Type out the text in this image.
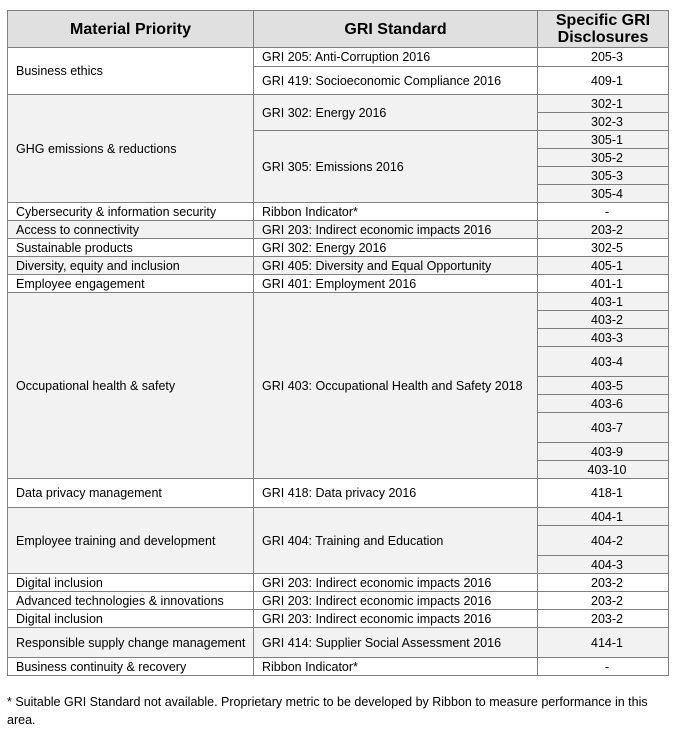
Material Priority	GRI Standard	Specific GRI Disclosures
Business ethics	GRI 205: Anti-Corruption 2016	205-3
	GRI 419: Socioeconomic Compliance 2016	409-1
GHG emissions & reductions	GRI 302: Energy 2016	302-1
		302-3
	GRI 305: Emissions 2016	305-1
		305-2
		305-3
		305-4
Cybersecurity & information security	Ribbon Indicator*	-
Access to connectivity	GRI 203: Indirect economic impacts 2016	203-2
Sustainable products	GRI 302: Energy 2016	302-5
Diversity, equity and inclusion	GRI 405: Diversity and Equal Opportunity	405-1
Employee engagement	GRI 401: Employment 2016	401-1
Occupational health & safety	GRI 403: Occupational Health and Safety 2018	403-1
		403-2
		403-3
		403-4
		403-5
		403-6
		403-7
		403-9
		403-10
Data privacy management	GRI 418: Data privacy 2016	418-1
Employee training and development	GRI 404: Training and Education	404-1
		404-2
		404-3
Digital inclusion	GRI 203: Indirect economic impacts 2016	203-2
Advanced technologies & innovations	GRI 203: Indirect economic impacts 2016	203-2
Digital inclusion	GRI 203: Indirect economic impacts 2016	203-2
Responsible supply change management	GRI 414: Supplier Social Assessment 2016	414-1
Business continuity & recovery	Ribbon Indicator*	-
* Suitable GRI Standard not available. Proprietary metric to be developed by Ribbon to measure performance in this area.
